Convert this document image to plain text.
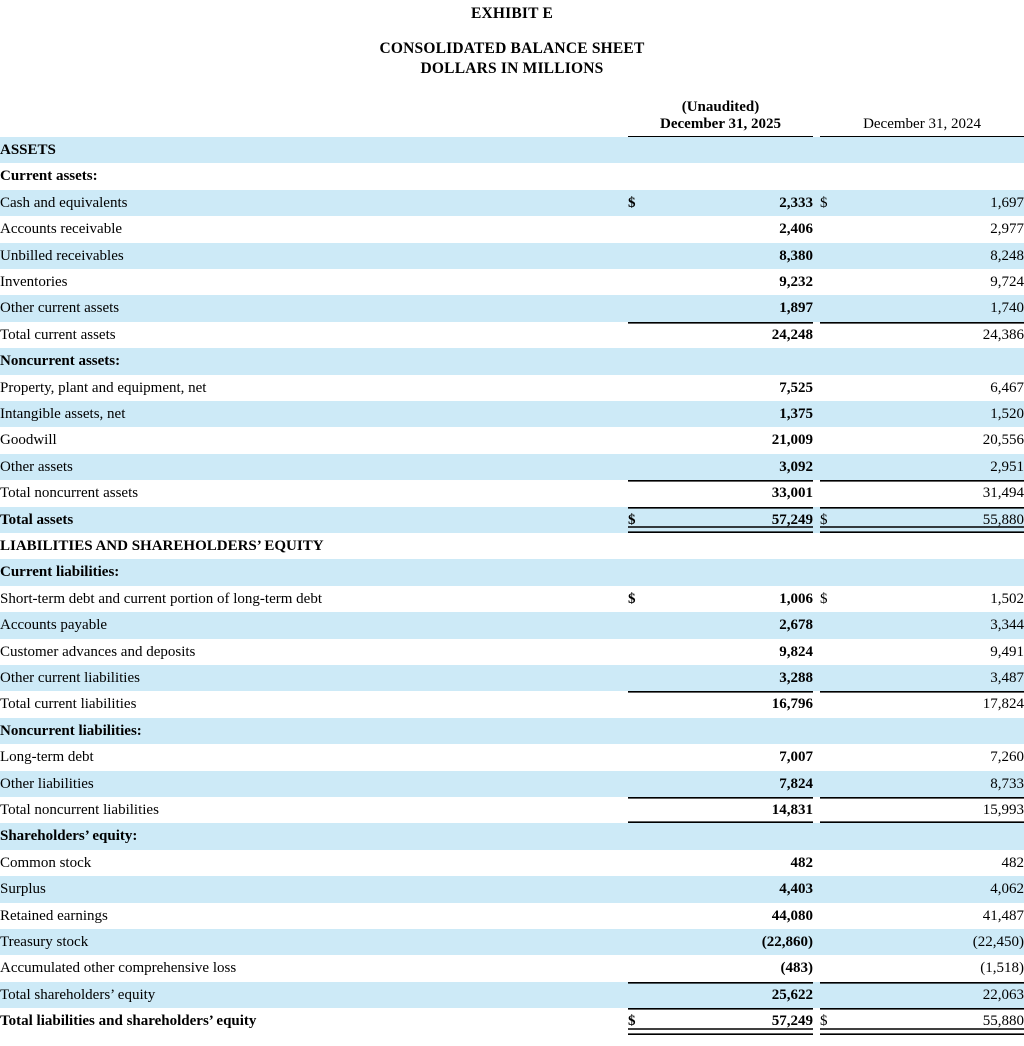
EXHIBIT E
CONSOLIDATED BALANCE SHEET
DOLLARS IN MILLIONS

	(Unaudited)
December 31, 2025			December 31, 2024	

ASSETS					
Current assets:					
Cash and equivalents	$	2,333		$	1,697
Accounts receivable		2,406			2,977
Unbilled receivables		8,380			8,248
Inventories		9,232			9,724
Other current assets		1,897			1,740
Total current assets		24,248			24,386
Noncurrent assets:					
Property, plant and equipment, net		7,525			6,467
Intangible assets, net		1,375			1,520
Goodwill		21,009			20,556
Other assets		3,092			2,951
Total noncurrent assets		33,001			31,494
Total assets	$	57,249		$	55,880
LIABILITIES AND SHAREHOLDERS’ EQUITY					
Current liabilities:					
Short-term debt and current portion of long-term debt	$	1,006		$	1,502
Accounts payable		2,678			3,344
Customer advances and deposits		9,824			9,491
Other current liabilities		3,288			3,487
Total current liabilities		16,796			17,824
Noncurrent liabilities:					
Long-term debt		7,007			7,260
Other liabilities		7,824			8,733
Total noncurrent liabilities		14,831			15,993
Shareholders’ equity:					
Common stock		482			482
Surplus		4,403			4,062
Retained earnings		44,080			41,487
Treasury stock		(22,860)			(22,450)
Accumulated other comprehensive loss		(483)			(1,518)
Total shareholders’ equity		25,622			22,063
Total liabilities and shareholders’ equity	$	57,249		$	55,880
